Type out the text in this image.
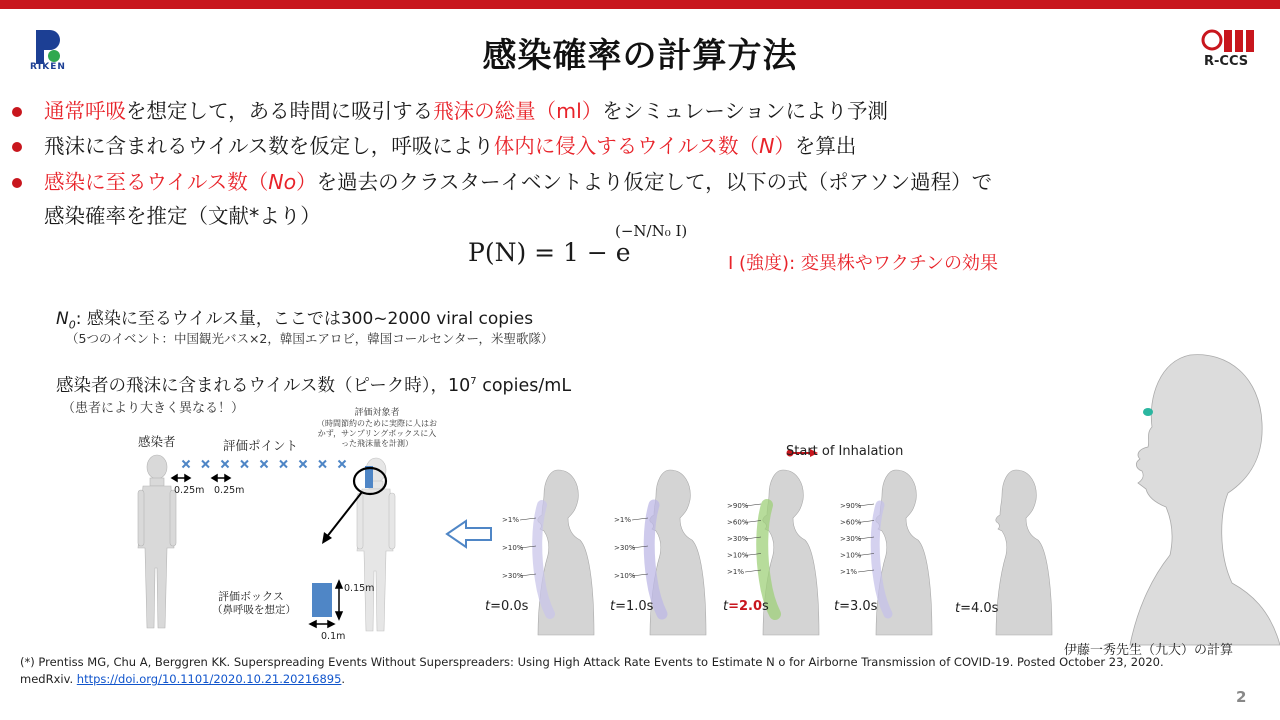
RIKEN	R-CCS
感染確率の計算方法
通常呼吸を想定して，ある時間に吸引する飛沫の総量（ml）をシミュレーションにより予測
飛沫に含まれるウイルス数を仮定し，呼吸により体内に侵入するウイルス数（N）を算出
感染に至るウイルス数（No）を過去のクラスターイベントより仮定して，以下の式（ポアソン過程）で
感染確率を推定（文献*より）
P(N) = 1 − e
(−N/N₀ I)
I (強度): 変異株やワクチンの効果
$N_0$: 感染に至るウイルス量，ここでは300~2000 viral copies
（5つのイベント：中国観光バス×2，韓国エアロビ，韓国コールセンター，米聖歌隊）
感染者の飛沫に含まれるウイルス数（ピーク時），$10^7$ copies/mL
（患者により大きく異なる！）
>1%
>10%
>30%
>1%
>30%
>10%
>90%
>60%
>30%
>10%
>1%
>90%
>60%
>30%
>10%
>1%
感染者	評価ポイント
評価対象者
（時間節約のために実際に人はおかず，サンプリングボックスに入った飛沫量を計測）
0.25m 0.25m
評価ボックス
（鼻呼吸を想定）
0.15m
0.1m
Start of Inhalation
t=0.0s	t=1.0s	t=2.0s	t=3.0s	t=4.0s
伊藤一秀先生（九大）の計算
(*) Prentiss MG, Chu A, Berggren KK. Superspreading Events Without Superspreaders: Using High Attack Rate Events to Estimate N o for Airborne Transmission of COVID-19. Posted October 23, 2020. medRxiv. https://doi.org/10.1101/2020.10.21.20216895.
2
